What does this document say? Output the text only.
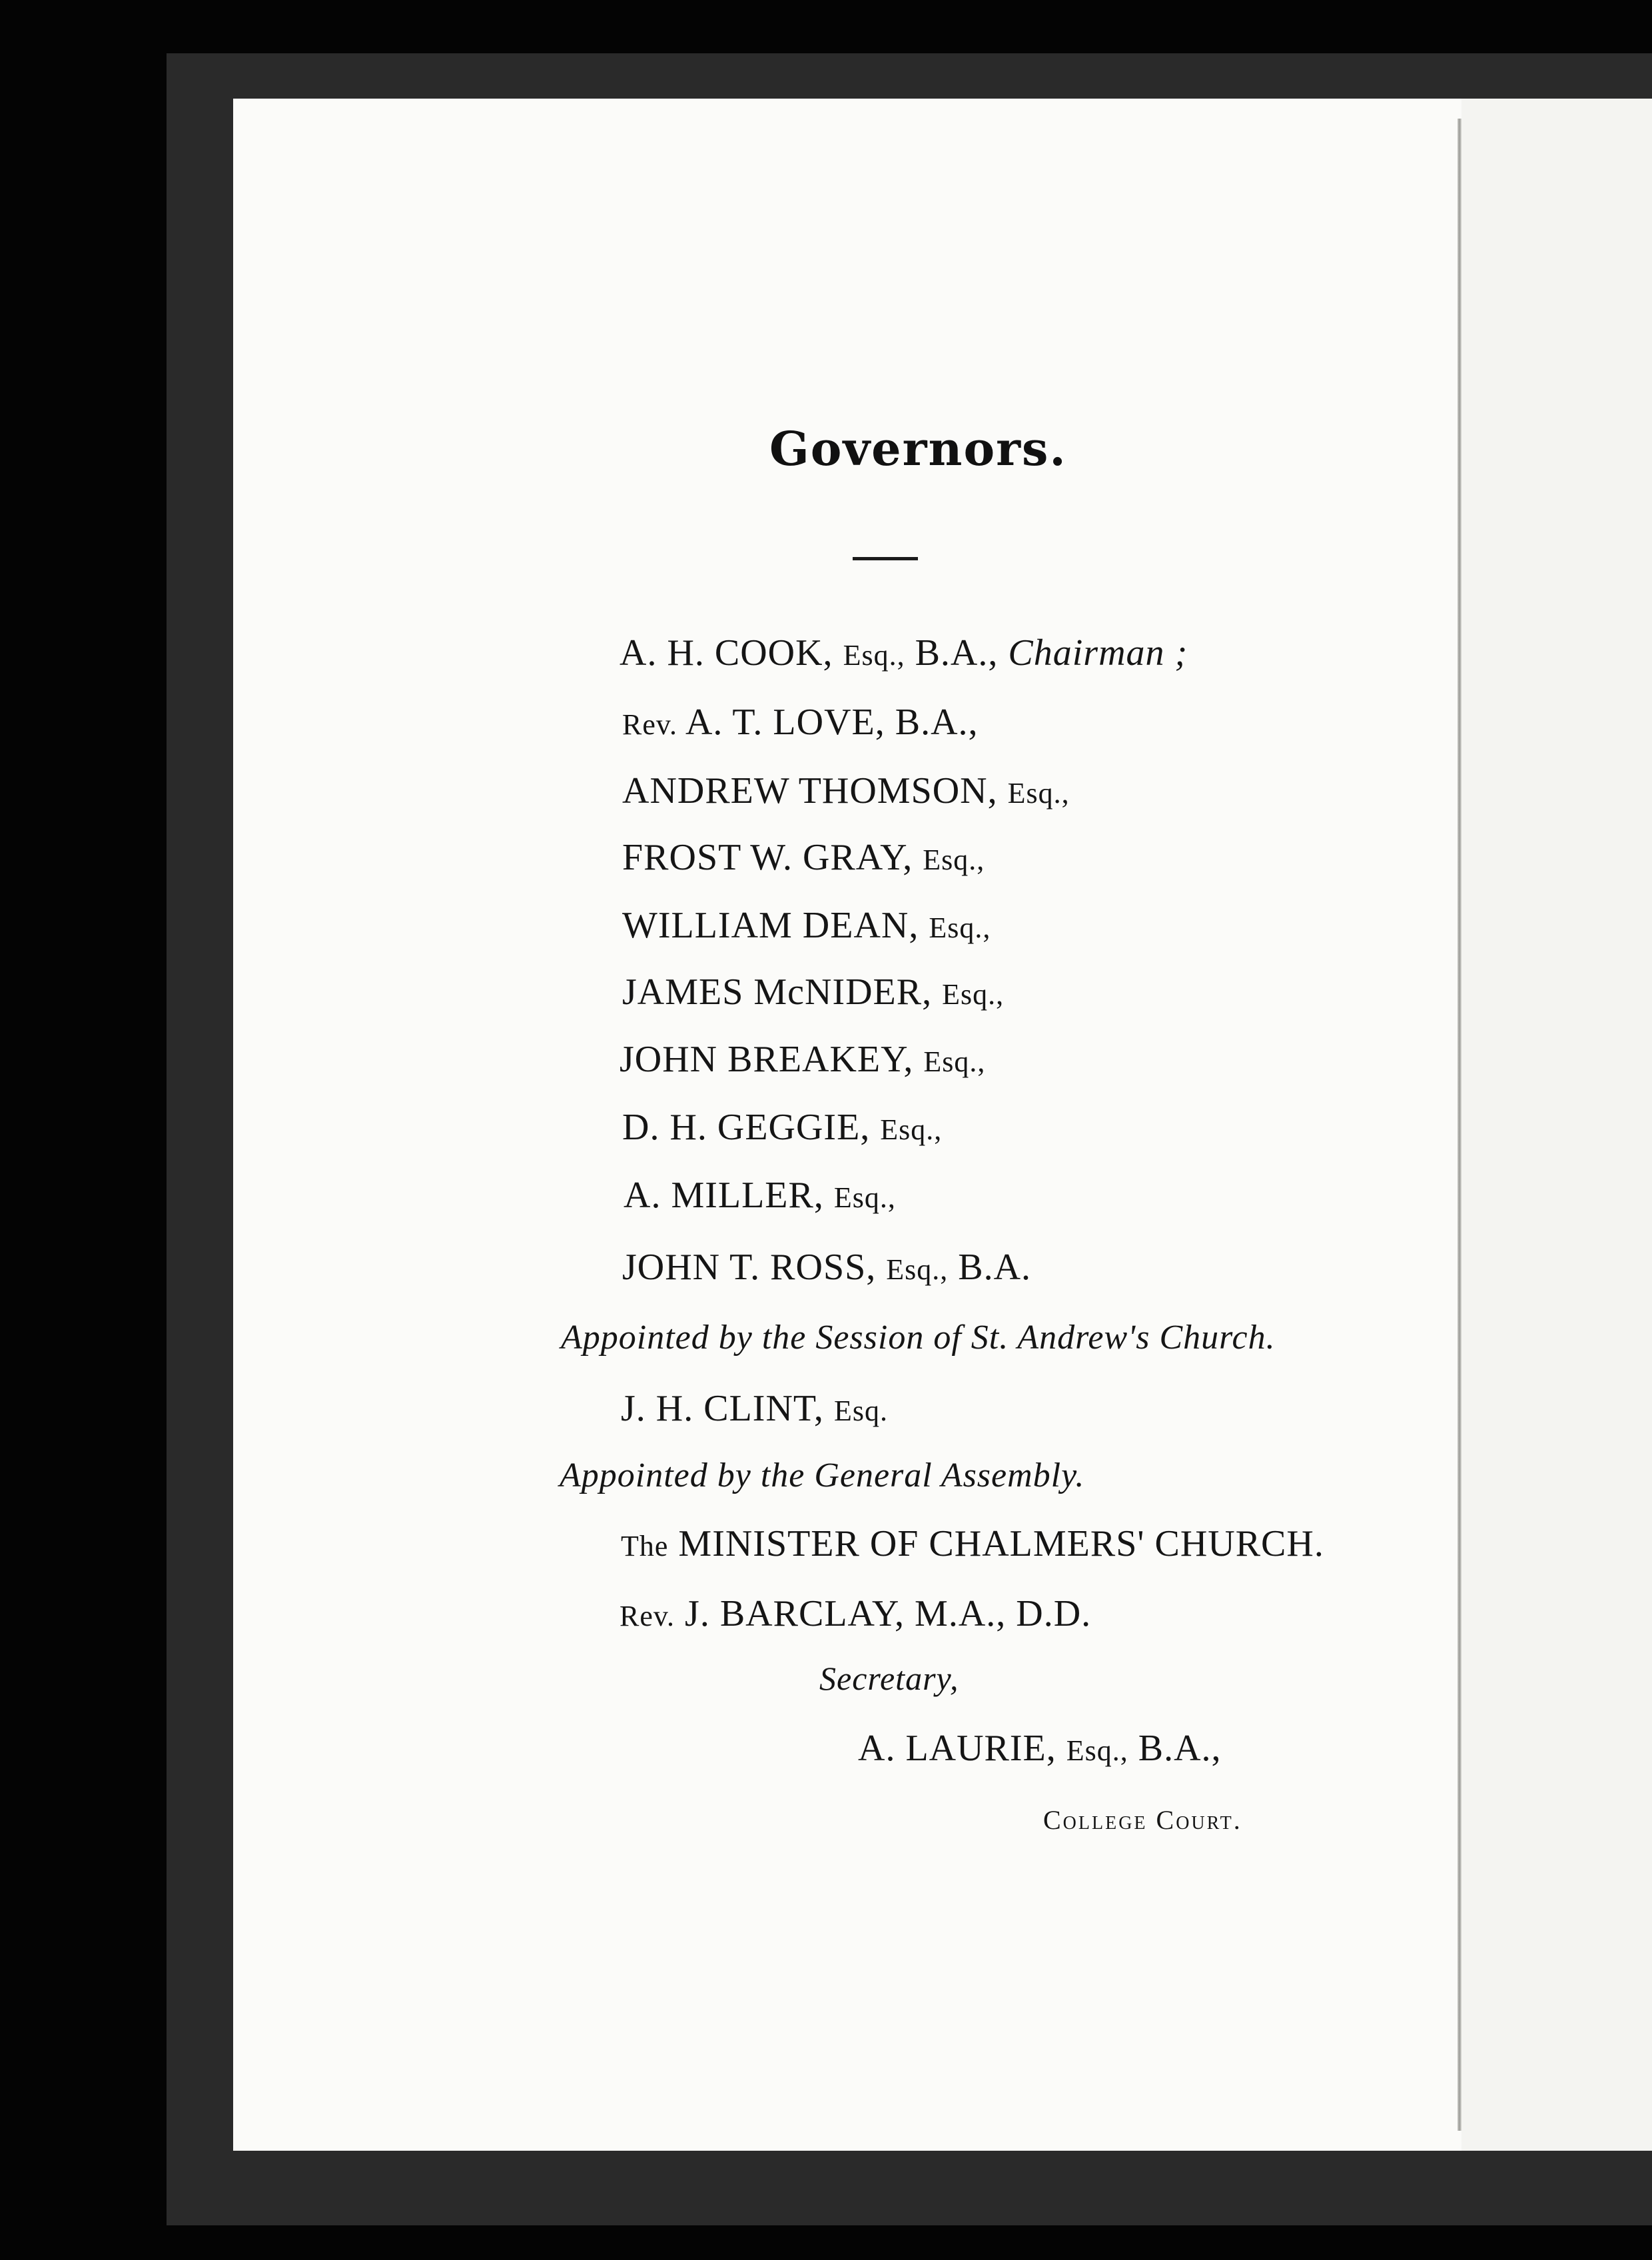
Governors.
A. H. COOK, Esq., B.A., Chairman ;
Rev. A. T. LOVE, B.A.,
ANDREW THOMSON, Esq.,
FROST W. GRAY, Esq.,
WILLIAM DEAN, Esq.,
JAMES McNIDER, Esq.,
JOHN BREAKEY, Esq.,
D. H. GEGGIE, Esq.,
A. MILLER, Esq.,
JOHN T. ROSS, Esq., B.A.
Appointed by the Session of St. Andrew's Church.
J. H. CLINT, Esq.
Appointed by the General Assembly.
The MINISTER OF CHALMERS' CHURCH.
Rev. J. BARCLAY, M.A., D.D.
Secretary,
A. LAURIE, Esq., B.A.,
College Court.
